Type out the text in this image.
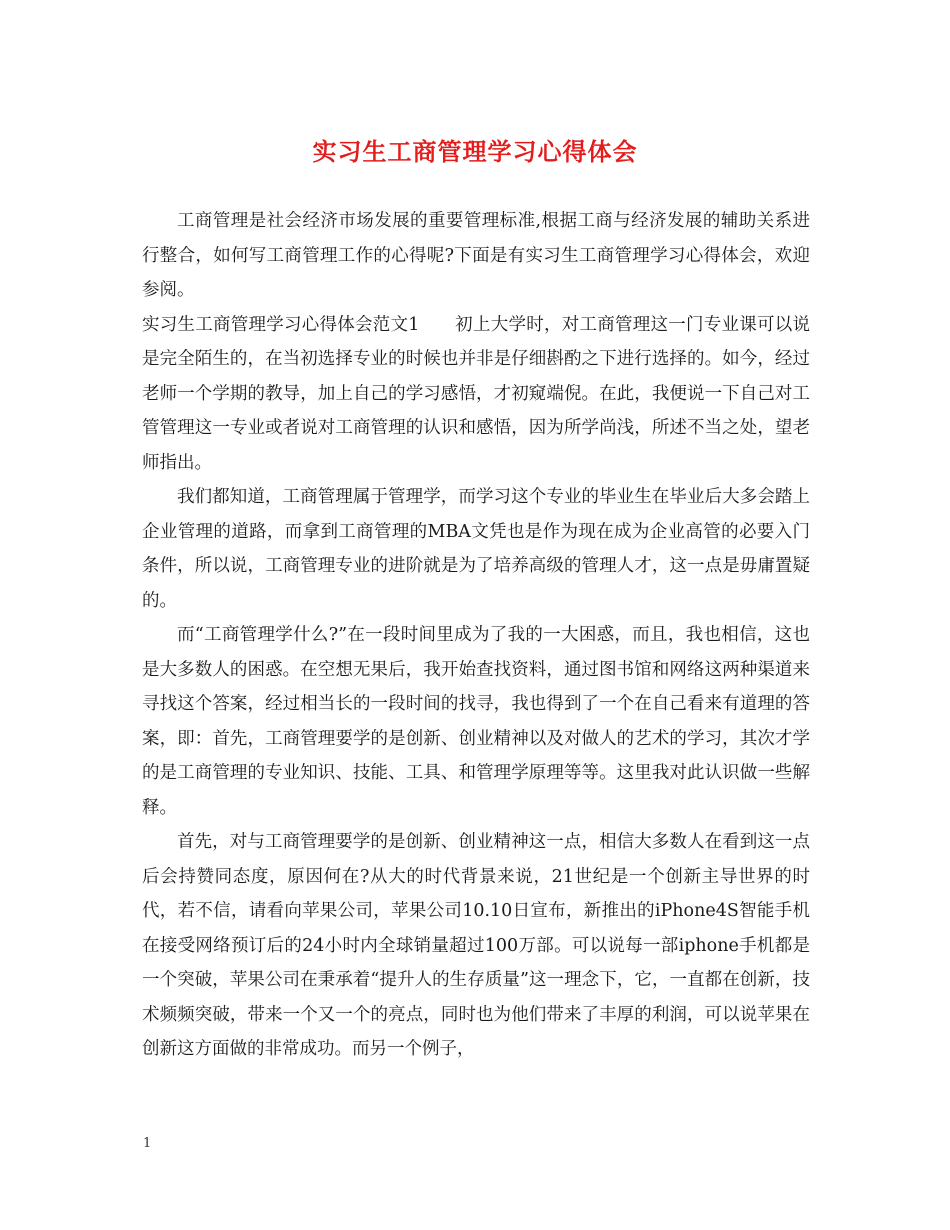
实习生工商管理学习心得体会

工商管理是社会经济市场发展的重要管理标准,根据工商与经济发展的辅助关系进行整合，如何写工商管理工作的心得呢?下面是有实习生工商管理学习心得体会，欢迎参阅。

实习生工商管理学习心得体会范文1　　初上大学时，对工商管理这一门专业课可以说是完全陌生的，在当初选择专业的时候也并非是仔细斟酌之下进行选择的。如今，经过老师一个学期的教导，加上自己的学习感悟，才初窥端倪。在此，我便说一下自己对工管管理这一专业或者说对工商管理的认识和感悟，因为所学尚浅，所述不当之处，望老师指出。

我们都知道，工商管理属于管理学，而学习这个专业的毕业生在毕业后大多会踏上企业管理的道路，而拿到工商管理的MBA文凭也是作为现在成为企业高管的必要入门条件，所以说，工商管理专业的进阶就是为了培养高级的管理人才，这一点是毋庸置疑的。

而“工商管理学什么?”在一段时间里成为了我的一大困惑，而且，我也相信，这也是大多数人的困惑。在空想无果后，我开始查找资料，通过图书馆和网络这两种渠道来寻找这个答案，经过相当长的一段时间的找寻，我也得到了一个在自己看来有道理的答案，即：首先，工商管理要学的是创新、创业精神以及对做人的艺术的学习，其次才学的是工商管理的专业知识、技能、工具、和管理学原理等等。这里我对此认识做一些解释。

首先，对与工商管理要学的是创新、创业精神这一点，相信大多数人在看到这一点后会持赞同态度，原因何在?从大的时代背景来说，21世纪是一个创新主导世界的时代，若不信，请看向苹果公司，苹果公司10.10日宣布，新推出的iPhone4S智能手机在接受网络预订后的24小时内全球销量超过100万部。可以说每一部iphone手机都是一个突破，苹果公司在秉承着“提升人的生存质量”这一理念下，它，一直都在创新，技术频频突破，带来一个又一个的亮点，同时也为他们带来了丰厚的利润，可以说苹果在创新这方面做的非常成功。而另一个例子，

1
